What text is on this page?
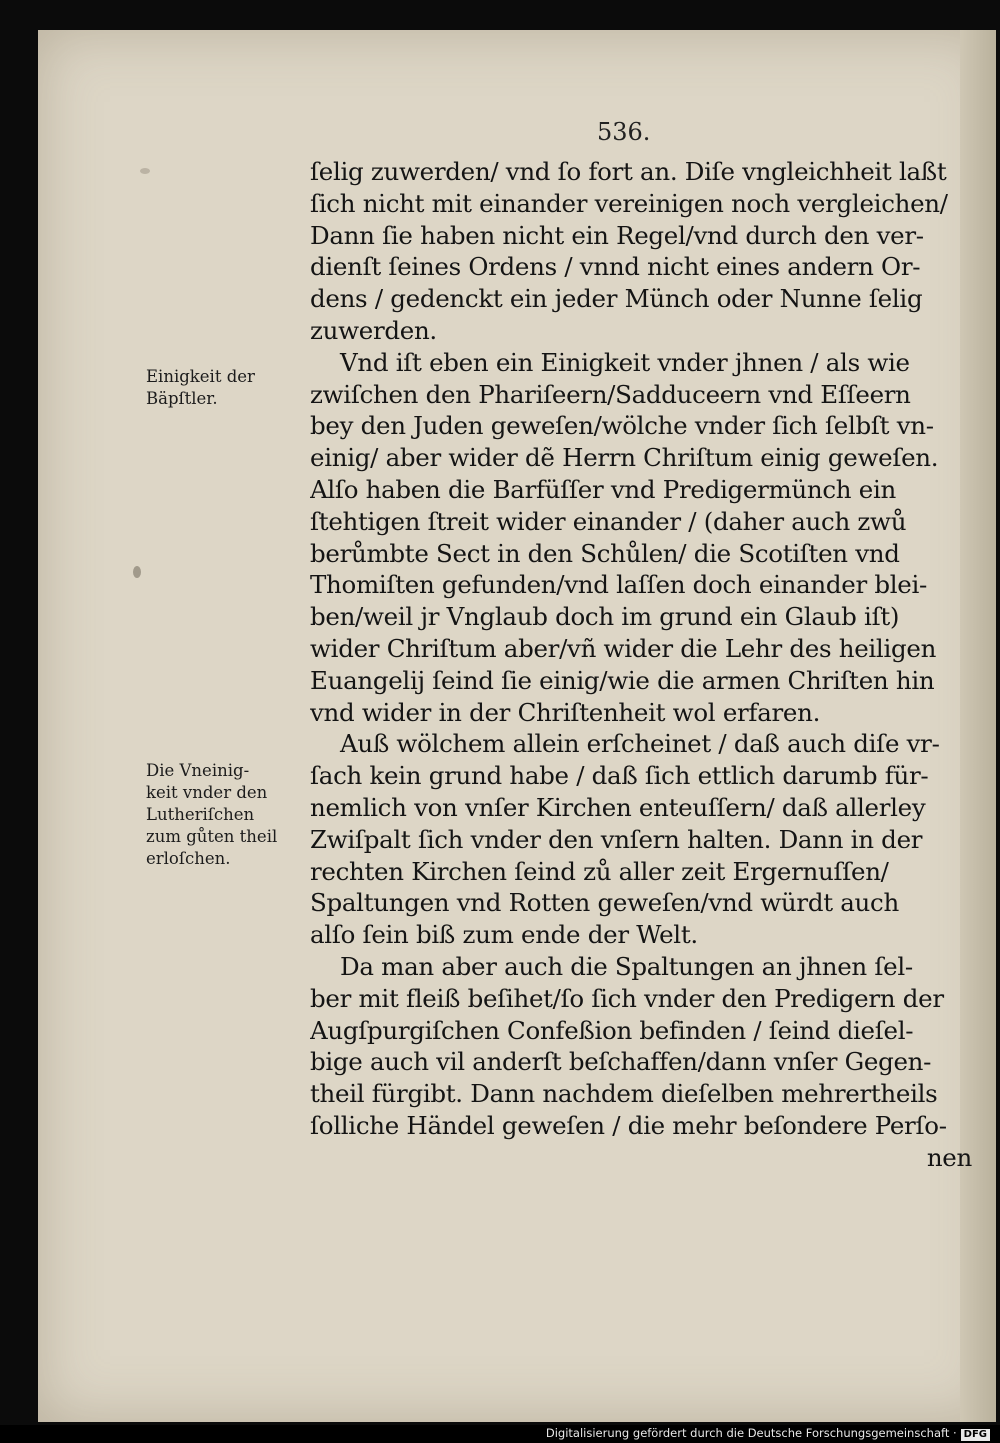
536.
ſelig zuwerden/ vnd ſo fort an. Diſe vngleichheit laßt
ſich nicht mit einander vereinigen noch vergleichen/
Dann ſie haben nicht ein Regel/vnd durch den ver-
dienſt ſeines Ordens / vnnd nicht eines andern Or-
dens / gedenckt ein jeder Münch oder Nunne ſelig
zuwerden.
Vnd iſt eben ein Einigkeit vnder jhnen / als wie
zwiſchen den Phariſeern/Sadduceern vnd Eſſeern
bey den Juden geweſen/wölche vnder ſich ſelbſt vn-
einig/ aber wider dẽ Herrn Chriſtum einig geweſen.
Alſo haben die Barfüſſer vnd Predigermünch ein
ſtehtigen ſtreit wider einander / (daher auch zwů
berůmbte Sect in den Schůlen/ die Scotiſten vnd
Thomiſten gefunden/vnd laſſen doch einander blei-
ben/weil jr Vnglaub doch im grund ein Glaub iſt)
wider Chriſtum aber/vñ wider die Lehr des heiligen
Euangelij ſeind ſie einig/wie die armen Chriſten hin
vnd wider in der Chriſtenheit wol erfaren.
Auß wölchem allein erſcheinet / daß auch diſe vr-
ſach kein grund habe / daß ſich ettlich darumb für-
nemlich von vnſer Kirchen enteuſſern/ daß allerley
Zwiſpalt ſich vnder den vnſern halten. Dann in der
rechten Kirchen ſeind zů aller zeit Ergernuſſen/
Spaltungen vnd Rotten geweſen/vnd würdt auch
alſo ſein biß zum ende der Welt.
Da man aber auch die Spaltungen an jhnen ſel-
ber mit fleiß beſihet/ſo ſich vnder den Predigern der
Augſpurgiſchen Confeßion befinden / ſeind dieſel-
bige auch vil anderſt beſchaffen/dann vnſer Gegen-
theil fürgibt. Dann nachdem dieſelben mehrertheils
ſolliche Händel geweſen / die mehr beſondere Perſo-
nen
Einigkeit der
Bäpſtler.
Die Vneinig-
keit vnder den
Lutheriſchen
zum gůten theil
erloſchen.
Digitalisierung gefördert durch die Deutsche Forschungsgemeinschaft · DFG
